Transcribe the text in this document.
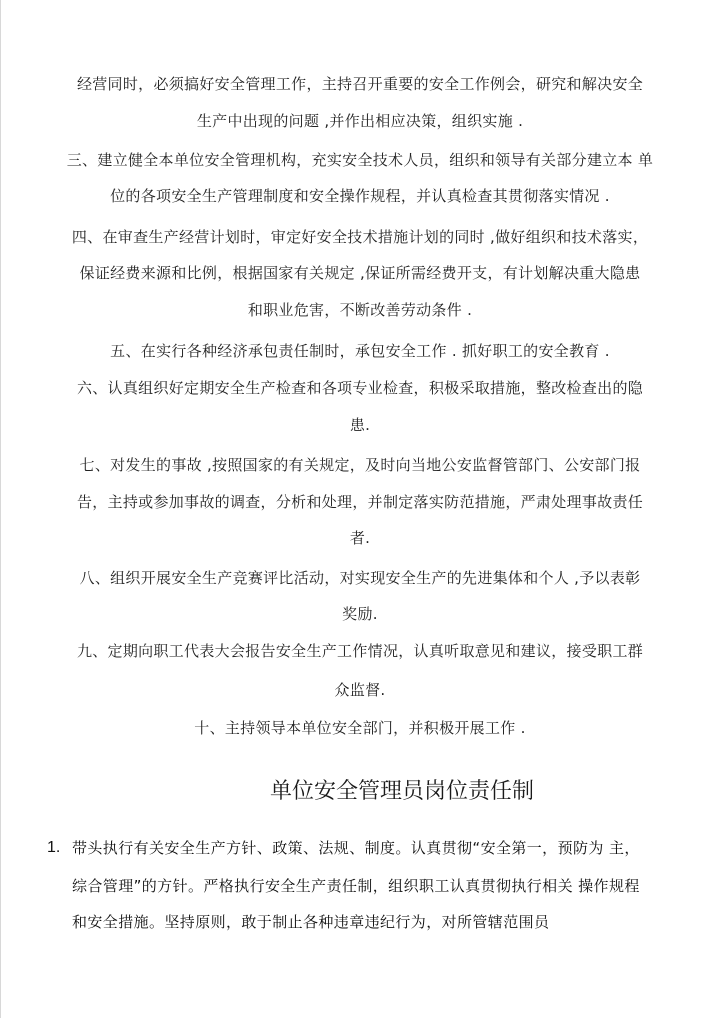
经营同时，必须搞好安全管理工作，主持召开重要的安全工作例会，研究和解决安全
生产中出现的问题 ,并作出相应决策，组织实施 .
三、建立健全本单位安全管理机构，充实安全技术人员，组织和领导有关部分建立本 单
位的各项安全生产管理制度和安全操作规程，并认真检查其贯彻落实情况 .
四、在审查生产经营计划时，审定好安全技术措施计划的同时 ,做好组织和技术落实，
保证经费来源和比例，根据国家有关规定 ,保证所需经费开支，有计划解决重大隐患
和职业危害，不断改善劳动条件 .
五、在实行各种经济承包责任制时，承包安全工作 . 抓好职工的安全教育 .
六、认真组织好定期安全生产检查和各项专业检查，积极采取措施，整改检查出的隐
患.
七、对发生的事故 ,按照国家的有关规定，及时向当地公安监督管部门、公安部门报
告，主持或参加事故的调查，分析和处理，并制定落实防范措施，严肃处理事故责任
者.
八、组织开展安全生产竞赛评比活动，对实现安全生产的先进集体和个人 ,予以表彰
奖励.
九、定期向职工代表大会报告安全生产工作情况，认真听取意见和建议，接受职工群
众监督.
十、主持领导本单位安全部门，并积极开展工作 .
单位安全管理员岗位责任制
1. 带头执行有关安全生产方针、政策、法规、制度。认真贯彻“安全第一，预防为 主，
综合管理”的方针。严格执行安全生产责任制，组织职工认真贯彻执行相关 操作规程
和安全措施。坚持原则，敢于制止各种违章违纪行为，对所管辖范围员
